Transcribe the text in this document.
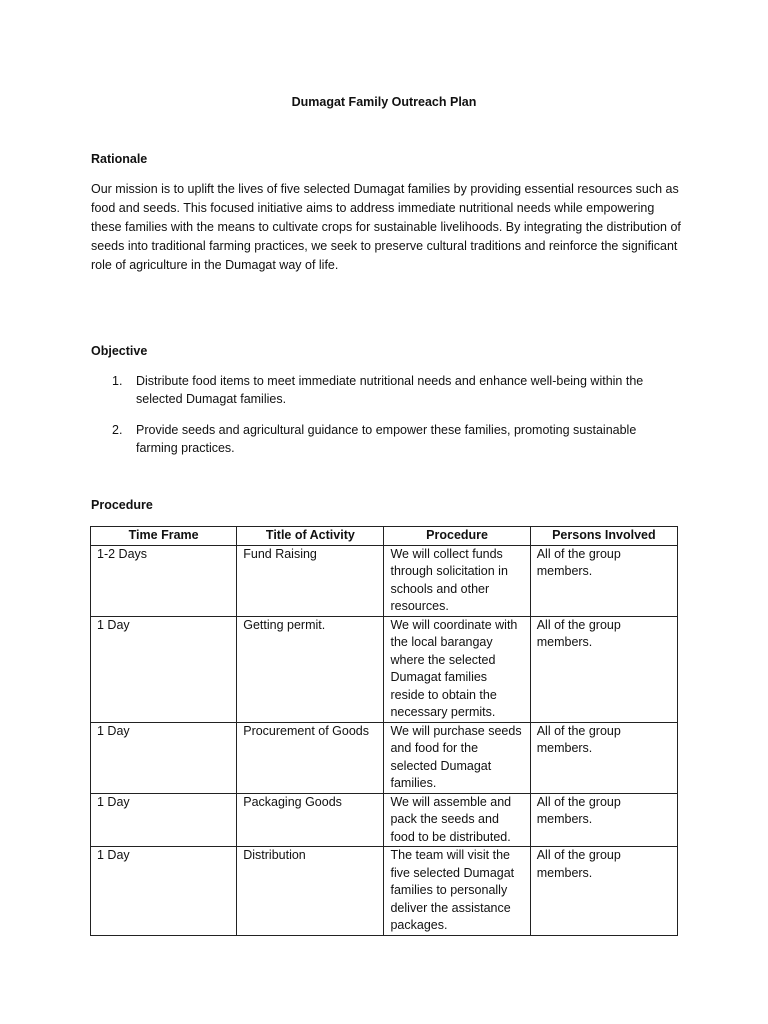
Dumagat Family Outreach Plan
Rationale

Our mission is to uplift the lives of five selected Dumagat families by providing essential resources such as food and seeds. This focused initiative aims to address immediate nutritional needs while empowering these families with the means to cultivate crops for sustainable livelihoods. By integrating the distribution of seeds into traditional farming practices, we seek to preserve cultural traditions and reinforce the significant role of agriculture in the Dumagat way of life.

Objective
1. Distribute food items to meet immediate nutritional needs and enhance well-being within the selected Dumagat families.
2. Provide seeds and agricultural guidance to empower these families, promoting sustainable farming practices.
Procedure
Time Frame	Title of Activity	Procedure	Persons Involved
1-2 Days	Fund Raising	We will collect funds through solicitation in schools and other resources.	All of the group members.
1 Day	Getting permit.	We will coordinate with the local barangay where the selected Dumagat families reside to obtain the necessary permits.	All of the group members.
1 Day	Procurement of Goods	We will purchase seeds and food for the selected Dumagat families.	All of the group members.
1 Day	Packaging Goods	We will assemble and pack the seeds and food to be distributed.	All of the group members.
1 Day	Distribution	The team will visit the five selected Dumagat families to personally deliver the assistance packages.	All of the group members.
